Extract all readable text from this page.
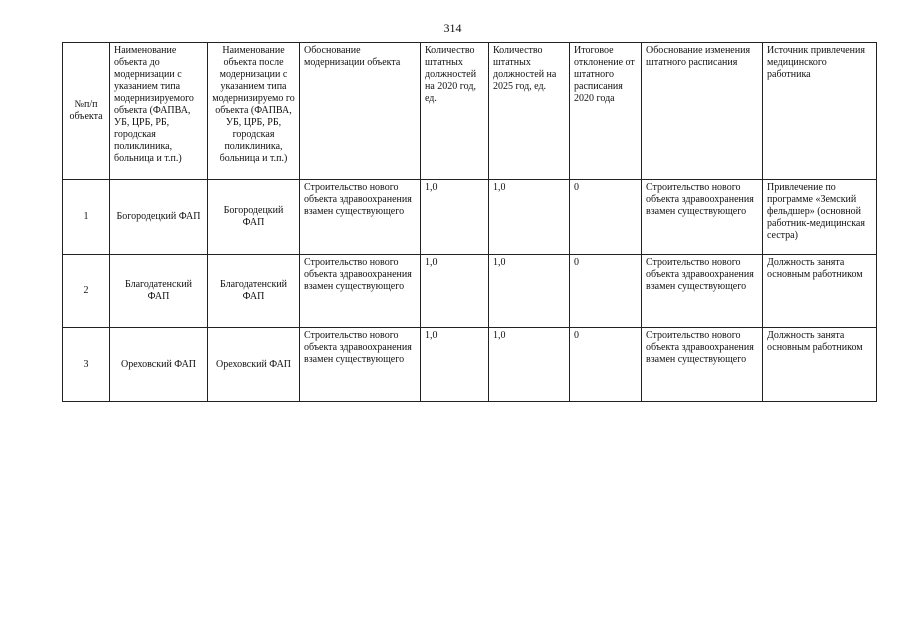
314
№п/п объекта	Наименование объекта до модернизации с указанием типа модернизируемого объекта (ФАПВА, УБ, ЦРБ, РБ, городская поликлиника, больница и т.п.)	Наименование объекта после модернизации с указанием типа модернизируемо го объекта (ФАПВА, УБ, ЦРБ, РБ, городская поликлиника, больница и т.п.)	Обоснование модернизации объекта	Количество штатных должностей на 2020 год, ед.	Количество штатных должностей на 2025 год, ед.	Итоговое отклонение от штатного расписания 2020 года	Обоснование изменения штатного расписания	Источник привлечения медицинского работника
1	Богородецкий ФАП	Богородецкий ФАП	Строительство нового объекта здравоохранения взамен существующего	1,0	1,0	0	Строительство нового объекта здравоохранения взамен существующего	Привлечение по программе «Земский фельдшер» (основной работник-медицинская сестра)
2	Благодатенский ФАП	Благодатенский ФАП	Строительство нового объекта здравоохранения взамен существующего	1,0	1,0	0	Строительство нового объекта здравоохранения взамен существующего	Должность занята основным работником
3	Ореховский ФАП	Ореховский ФАП	Строительство нового объекта здравоохранения взамен существующего	1,0	1,0	0	Строительство нового объекта здравоохранения взамен существующего	Должность занята основным работником
